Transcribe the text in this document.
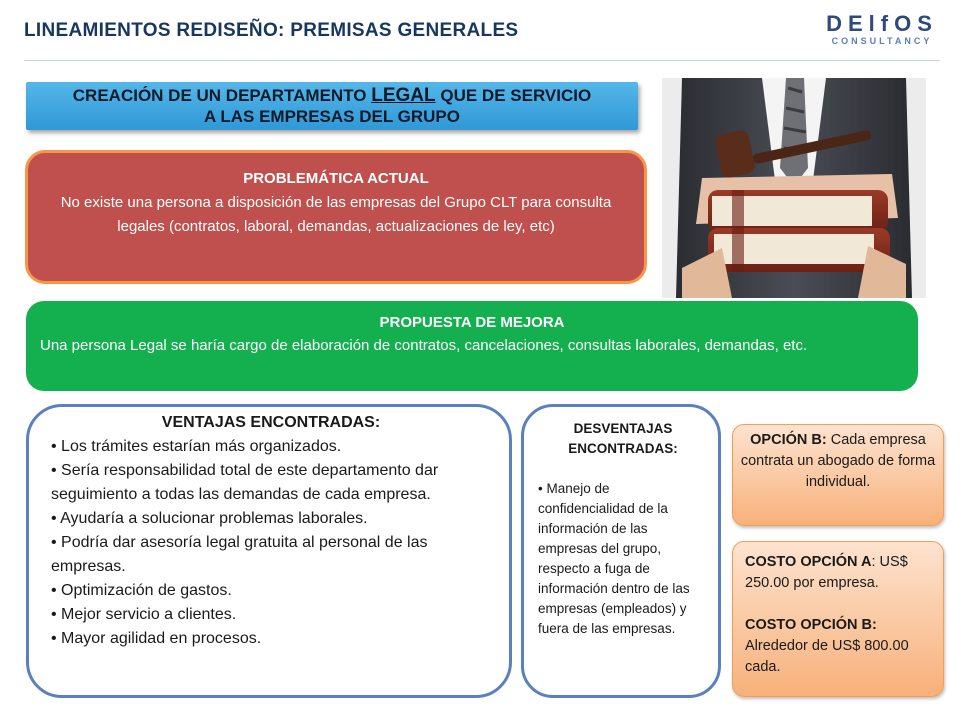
LINEAMIENTOS REDISEÑO: PREMISAS GENERALES	DElfOS
CONSULTANCY
CREACIÓN DE UN DEPARTAMENTO LEGAL QUE DE SERVICIO
A LAS EMPRESAS DEL GRUPO
PROBLEMÁTICA ACTUAL
No existe una persona a disposición de las empresas del Grupo CLT para consulta legales (contratos, laboral, demandas, actualizaciones de ley, etc)
PROPUESTA DE MEJORA
Una persona Legal se haría cargo de elaboración de contratos, cancelaciones, consultas laborales, demandas, etc.
VENTAJAS ENCONTRADAS:
• Los trámites estarían más organizados.
• Sería responsabilidad total de este departamento dar seguimiento a todas las demandas de cada empresa.
• Ayudaría a solucionar problemas laborales.
• Podría dar asesoría legal gratuita al personal de las empresas.
• Optimización de gastos.
• Mejor servicio a clientes.
• Mayor agilidad en procesos.
DESVENTAJAS ENCONTRADAS:
• Manejo de confidencialidad de la información de las empresas del grupo, respecto a fuga de información dentro de las empresas (empleados) y fuera de las empresas.
OPCIÓN B: Cada empresa contrata un abogado de forma individual.
COSTO OPCIÓN A: US$ 250.00 por empresa.
COSTO OPCIÓN B:
Alrededor de US$ 800.00 cada.
